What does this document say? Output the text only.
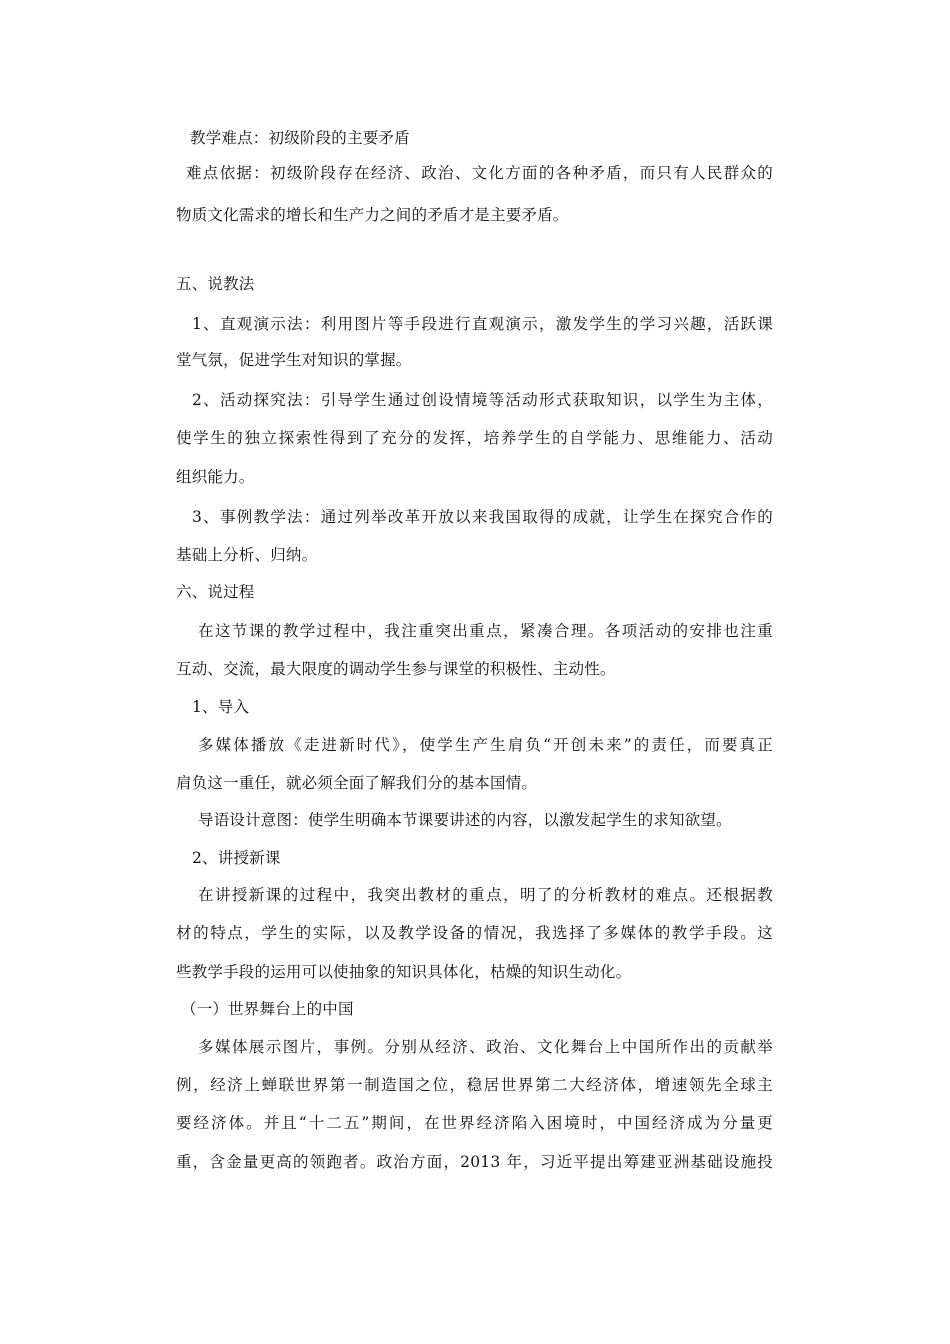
教学难点：初级阶段的主要矛盾
难点依据：初级阶段存在经济、政治、文化方面的各种矛盾，而只有人民群众的
物质文化需求的增长和生产力之间的矛盾才是主要矛盾。
五、说教法
1、直观演示法：利用图片等手段进行直观演示，激发学生的学习兴趣，活跃课
堂气氛，促进学生对知识的掌握。
2、活动探究法：引导学生通过创设情境等活动形式获取知识，以学生为主体，
使学生的独立探索性得到了充分的发挥，培养学生的自学能力、思维能力、活动
组织能力。
3、事例教学法：通过列举改革开放以来我国取得的成就，让学生在探究合作的
基础上分析、归纳。
六、说过程
在这节课的教学过程中，我注重突出重点，紧凑合理。各项活动的安排也注重
互动、交流，最大限度的调动学生参与课堂的积极性、主动性。
1、导入
多媒体播放《走进新时代》，使学生产生肩负“开创未来”的责任，而要真正
肩负这一重任，就必须全面了解我们分的基本国情。
导语设计意图：使学生明确本节课要讲述的内容，以激发起学生的求知欲望。
2、讲授新课
在讲授新课的过程中，我突出教材的重点，明了的分析教材的难点。还根据教
材的特点，学生的实际，以及教学设备的情况，我选择了多媒体的教学手段。这
些教学手段的运用可以使抽象的知识具体化，枯燥的知识生动化。
（一）世界舞台上的中国
多媒体展示图片，事例。分别从经济、政治、文化舞台上中国所作出的贡献举
例，经济上蝉联世界第一制造国之位，稳居世界第二大经济体，增速领先全球主
要经济体。并且“十二五”期间，在世界经济陷入困境时，中国经济成为分量更
重，含金量更高的领跑者。政治方面，2013 年，习近平提出筹建亚洲基础设施投
